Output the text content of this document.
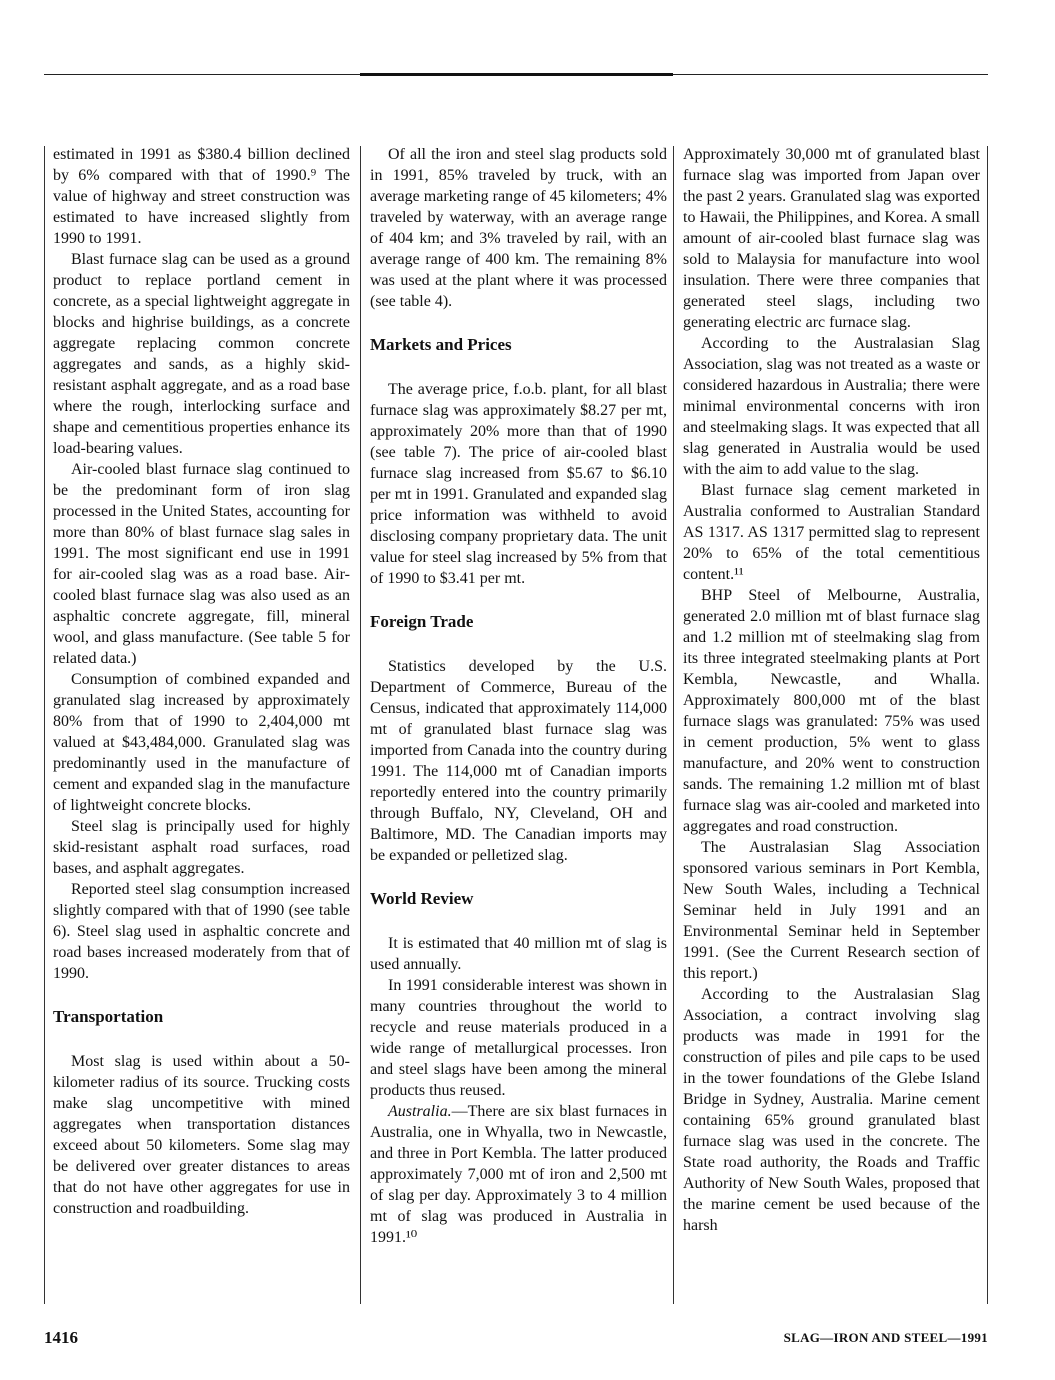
estimated in 1991 as $380.4 billion declined by 6% compared with that of 1990.⁹ The value of highway and street construction was estimated to have increased slightly from 1990 to 1991.

Blast furnace slag can be used as a ground product to replace portland cement in concrete, as a special lightweight aggregate in blocks and highrise buildings, as a concrete aggregate replacing common concrete aggregates and sands, as a highly skid-resistant asphalt aggregate, and as a road base where the rough, interlocking surface and shape and cementitious properties enhance its load-bearing values.

Air-cooled blast furnace slag continued to be the predominant form of iron slag processed in the United States, accounting for more than 80% of blast furnace slag sales in 1991. The most significant end use in 1991 for air-cooled slag was as a road base. Air-cooled blast furnace slag was also used as an asphaltic concrete aggregate, fill, mineral wool, and glass manufacture. (See table 5 for related data.)

Consumption of combined expanded and granulated slag increased by approximately 80% from that of 1990 to 2,404,000 mt valued at $43,484,000. Granulated slag was predominantly used in the manufacture of cement and expanded slag in the manufacture of lightweight concrete blocks.

Steel slag is principally used for highly skid-resistant asphalt road surfaces, road bases, and asphalt aggregates.

Reported steel slag consumption increased slightly compared with that of 1990 (see table 6). Steel slag used in asphaltic concrete and road bases increased moderately from that of 1990.

Transportation

Most slag is used within about a 50-kilometer radius of its source. Trucking costs make slag uncompetitive with mined aggregates when transportation distances exceed about 50 kilometers. Some slag may be delivered over greater distances to areas that do not have other aggregates for use in construction and roadbuilding.

Of all the iron and steel slag products sold in 1991, 85% traveled by truck, with an average marketing range of 45 kilometers; 4% traveled by waterway, with an average range of 404 km; and 3% traveled by rail, with an average range of 400 km. The remaining 8% was used at the plant where it was processed (see table 4).

Markets and Prices

The average price, f.o.b. plant, for all blast furnace slag was approximately $8.27 per mt, approximately 20% more than that of 1990 (see table 7). The price of air-cooled blast furnace slag increased from $5.67 to $6.10 per mt in 1991. Granulated and expanded slag price information was withheld to avoid disclosing company proprietary data. The unit value for steel slag increased by 5% from that of 1990 to $3.41 per mt.

Foreign Trade

Statistics developed by the U.S. Department of Commerce, Bureau of the Census, indicated that approximately 114,000 mt of granulated blast furnace slag was imported from Canada into the country during 1991. The 114,000 mt of Canadian imports reportedly entered into the country primarily through Buffalo, NY, Cleveland, OH and Baltimore, MD. The Canadian imports may be expanded or pelletized slag.

World Review

It is estimated that 40 million mt of slag is used annually.

In 1991 considerable interest was shown in many countries throughout the world to recycle and reuse materials produced in a wide range of metallurgical processes. Iron and steel slags have been among the mineral products thus reused.

Australia.—There are six blast furnaces in Australia, one in Whyalla, two in Newcastle, and three in Port Kembla. The latter produced approximately 7,000 mt of iron and 2,500 mt of slag per day. Approximately 3 to 4 million mt of slag was produced in Australia in 1991.¹⁰

Approximately 30,000 mt of granulated blast furnace slag was imported from Japan over the past 2 years. Granulated slag was exported to Hawaii, the Philippines, and Korea. A small amount of air-cooled blast furnace slag was sold to Malaysia for manufacture into wool insulation. There were three companies that generated steel slags, including two generating electric arc furnace slag.

According to the Australasian Slag Association, slag was not treated as a waste or considered hazardous in Australia; there were minimal environmental concerns with iron and steelmaking slags. It was expected that all slag generated in Australia would be used with the aim to add value to the slag.

Blast furnace slag cement marketed in Australia conformed to Australian Standard AS 1317. AS 1317 permitted slag to represent 20% to 65% of the total cementitious content.¹¹

BHP Steel of Melbourne, Australia, generated 2.0 million mt of blast furnace slag and 1.2 million mt of steelmaking slag from its three integrated steelmaking plants at Port Kembla, Newcastle, and Whalla. Approximately 800,000 mt of the blast furnace slags was granulated: 75% was used in cement production, 5% went to glass manufacture, and 20% went to construction sands. The remaining 1.2 million mt of blast furnace slag was air-cooled and marketed into aggregates and road construction.

The Australasian Slag Association sponsored various seminars in Port Kembla, New South Wales, including a Technical Seminar held in July 1991 and an Environmental Seminar held in September 1991. (See the Current Research section of this report.)

According to the Australasian Slag Association, a contract involving slag products was made in 1991 for the construction of piles and pile caps to be used in the tower foundations of the Glebe Island Bridge in Sydney, Australia. Marine cement containing 65% ground granulated blast furnace slag was used in the concrete. The State road authority, the Roads and Traffic Authority of New South Wales, proposed that the marine cement be used because of the harsh

1416	SLAG—IRON AND STEEL—1991
